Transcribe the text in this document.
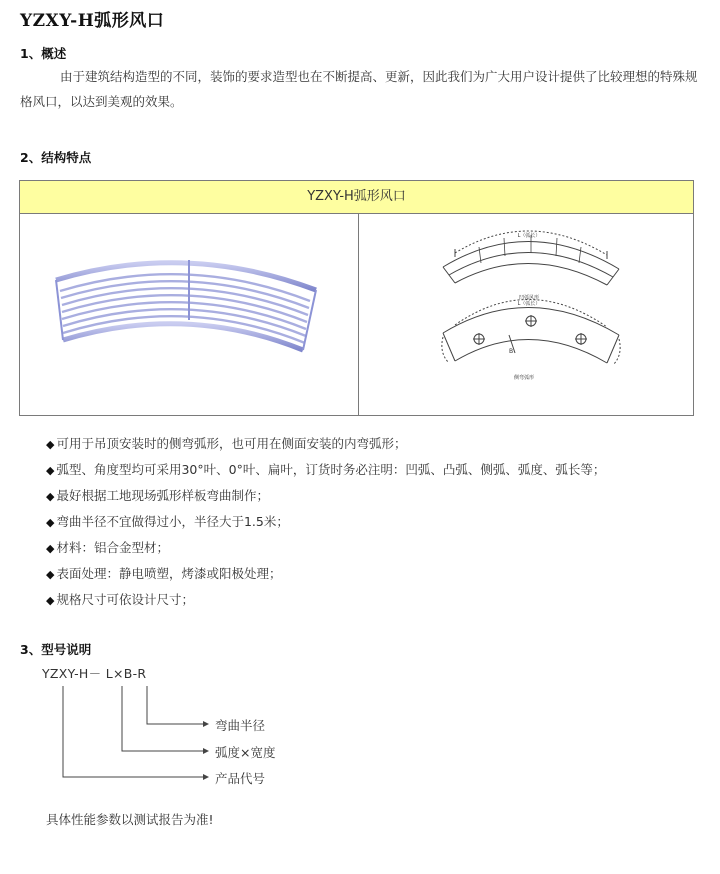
YZXY-H弧形风口
1、概述
由于建筑结构造型的不同，装饰的要求造型也在不断提高、更新，因此我们为广大用户设计提供了比较理想的特殊规格风口，以达到美观的效果。
2、结构特点
YZXY-H弧形风口
L（弧长）
凹弧风形
L（弧长）
B
侧弯弧形
◆ 可用于吊顶安装时的侧弯弧形，也可用在侧面安装的内弯弧形；
◆ 弧型、角度型均可采用30°叶、0°叶、扁叶，订货时务必注明：凹弧、凸弧、侧弧、弧度、弧长等；
◆ 最好根据工地现场弧形样板弯曲制作；
◆ 弯曲半径不宜做得过小，半径大于1.5米；
◆ 材料：铝合金型材；
◆ 表面处理：静电喷塑，烤漆或阳极处理；
◆ 规格尺寸可依设计尺寸；
3、型号说明
YZXY-H－ L×B-R
弯曲半径
弧度×宽度
产品代号
具体性能参数以测试报告为准!
